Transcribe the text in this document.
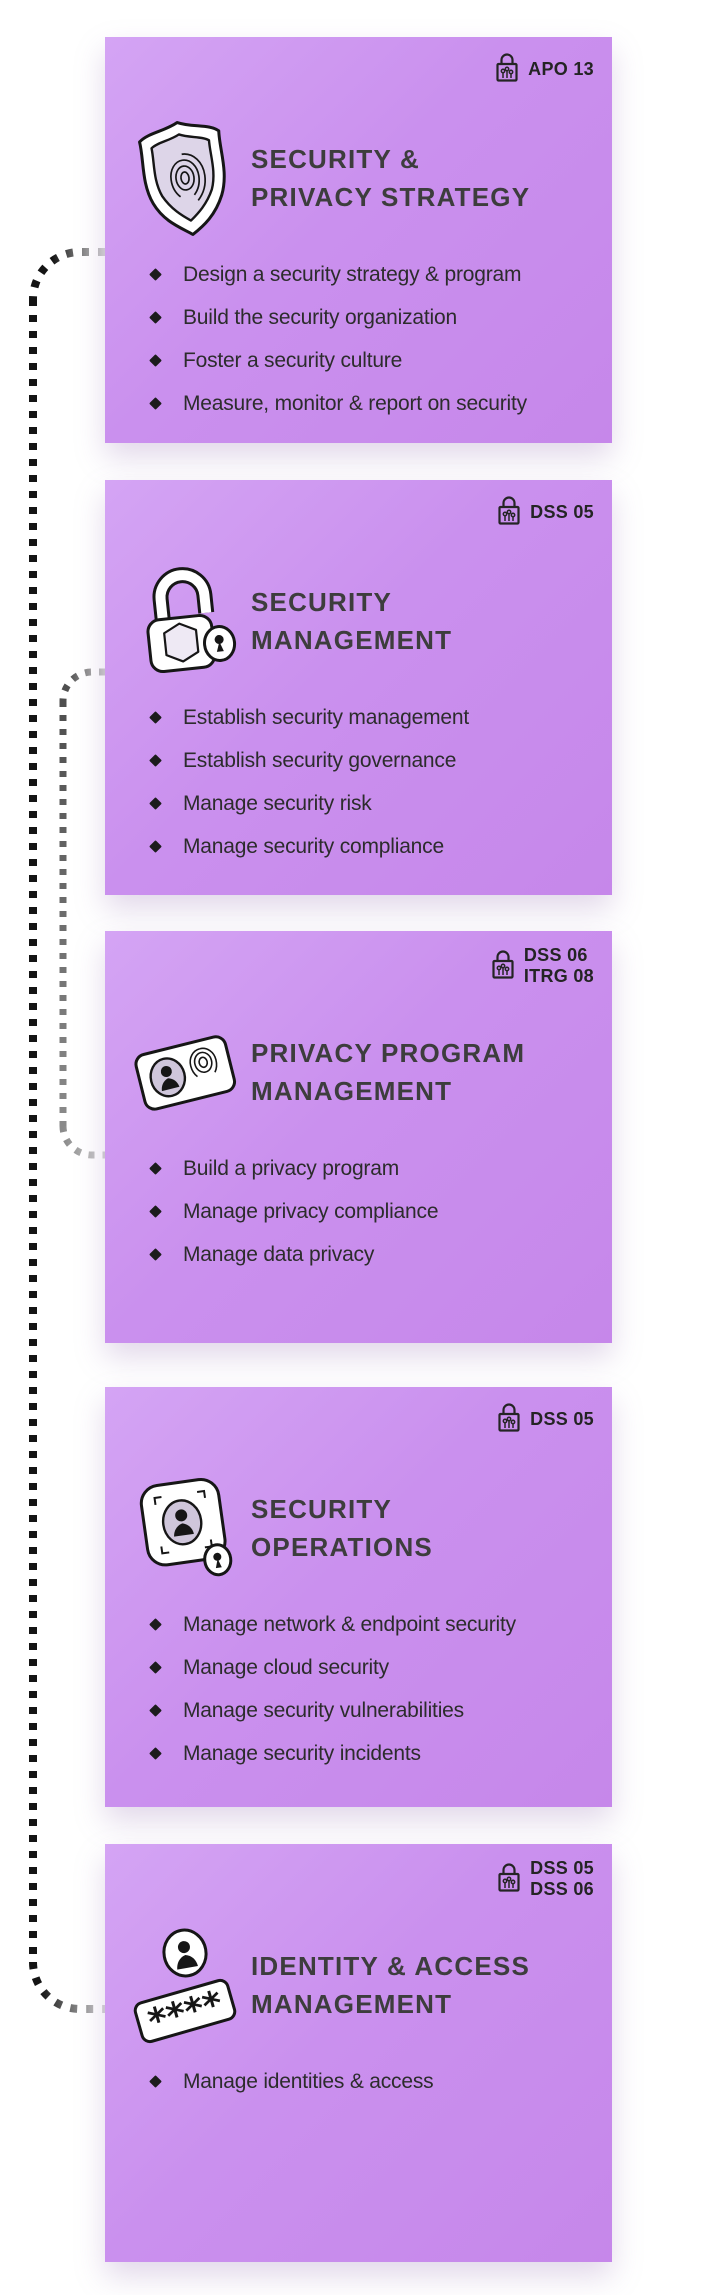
APO 13
SECURITY &
PRIVACY STRATEGY
Design a security strategy & program
Build the security organization
Foster a security culture
Measure, monitor & report on security
DSS 05
SECURITY
MANAGEMENT
Establish security management
Establish security governance
Manage security risk
Manage security compliance
DSS 06
ITRG 08
PRIVACY PROGRAM
MANAGEMENT
Build a privacy program
Manage privacy compliance
Manage data privacy
DSS 05
SECURITY
OPERATIONS
Manage network & endpoint security
Manage cloud security
Manage security vulnerabilities
Manage security incidents
DSS 05
DSS 06
****
IDENTITY & ACCESS
MANAGEMENT
Manage identities & access
